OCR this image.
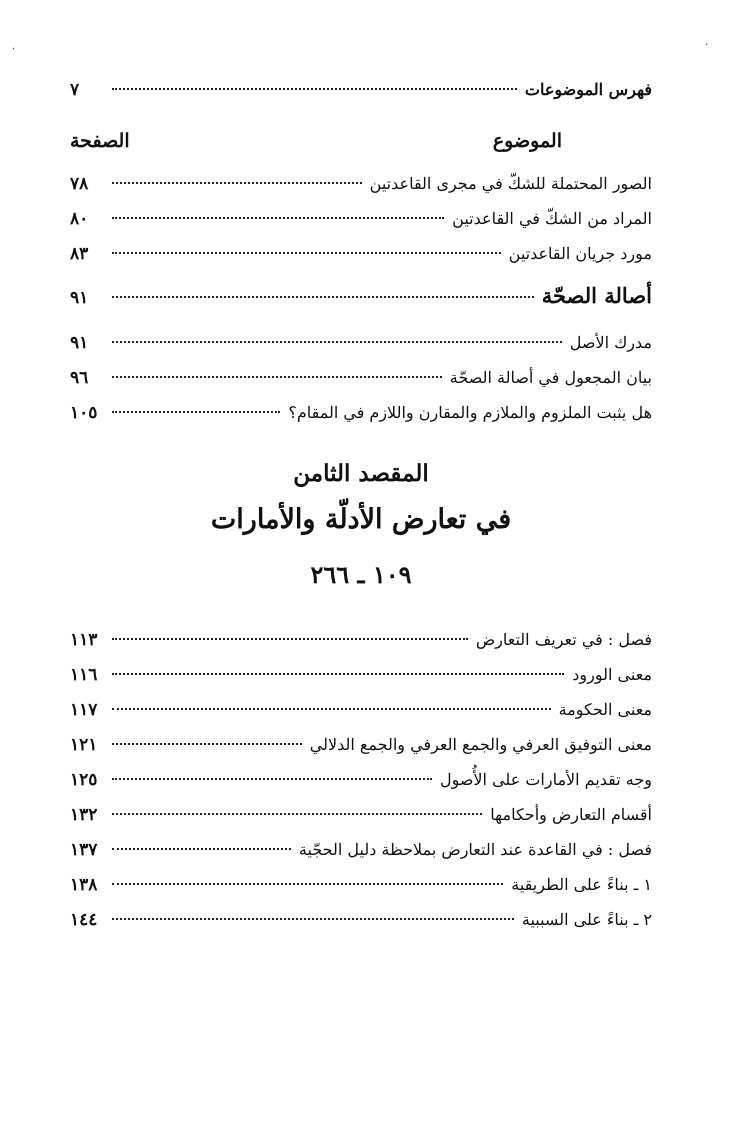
·	·
فهرس الموضوعات
٧
الموضوع
الصفحة
الصور المحتملة للشكّ في مجرى القاعدتين
٧٨
المراد من الشكّ في القاعدتين
٨٠
مورد جريان القاعدتين
٨٣
أصالة الصحّة
٩١
مدرك الأصل
٩١
بيان المجعول في أصالة الصحّة
٩٦
هل يثبت الملزوم والملازم والمقارن واللازم في المقام؟
١٠٥
المقصد الثامن
في تعارض الأدلّة والأمارات
١٠٩ ـ ٢٦٦
فصل : في تعريف التعارض
١١٣
معنى الورود
١١٦
معنى الحكومة
١١٧
معنى التوفيق العرفي والجمع العرفي والجمع الدلالي
١٢١
وجه تقديم الأمارات على الأُصول
١٢٥
أقسام التعارض وأحكامها
١٣٢
فصل : في القاعدة عند التعارض بملاحظة دليل الحجّية
١٣٧
١ ـ بناءً على الطريقية
١٣٨
٢ ـ بناءً على السببية
١٤٤
